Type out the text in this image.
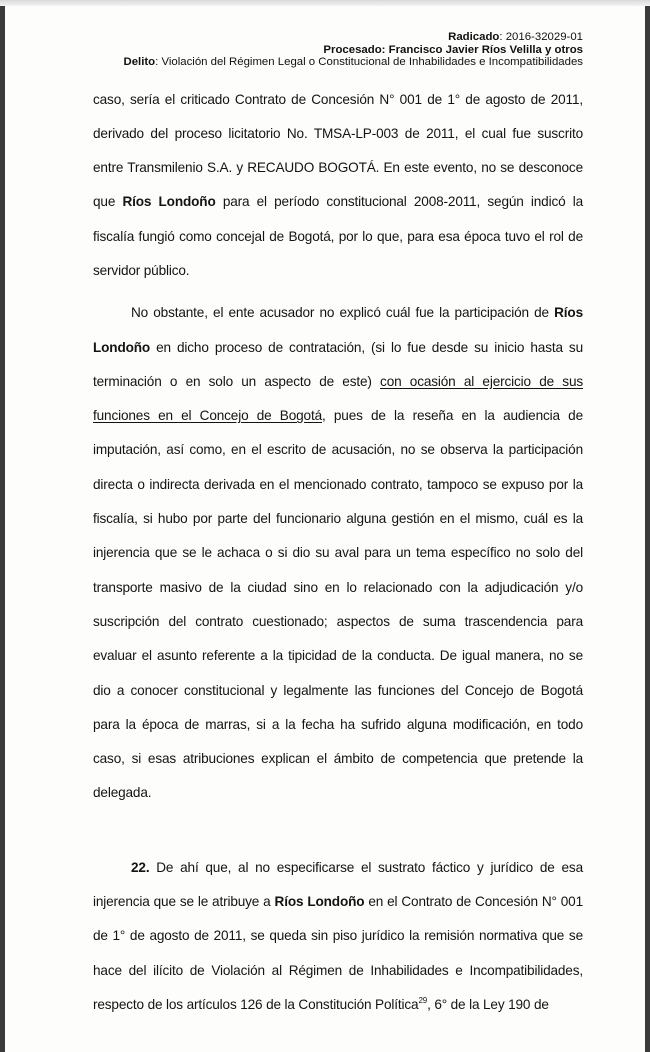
Radicado: 2016-32029-01
Procesado: Francisco Javier Ríos Velilla y otros
Delito: Violación del Régimen Legal o Constitucional de Inhabilidades e Incompatibilidades
caso, sería el criticado Contrato de Concesión N° 001 de 1° de agosto de 2011, derivado del proceso licitatorio No. TMSA-LP-003 de 2011, el cual fue suscrito entre Transmilenio S.A. y RECAUDO BOGOTÁ. En este evento, no se desconoce que Ríos Londoño para el período constitucional 2008-2011, según indicó la fiscalía fungió como concejal de Bogotá, por lo que, para esa época tuvo el rol de servidor público.
No obstante, el ente acusador no explicó cuál fue la participación de Ríos Londoño en dicho proceso de contratación, (si lo fue desde su inicio hasta su terminación o en solo un aspecto de este) con ocasión al ejercicio de sus funciones en el Concejo de Bogotá, pues de la reseña en la audiencia de imputación, así como, en el escrito de acusación, no se observa la participación directa o indirecta derivada en el mencionado contrato, tampoco se expuso por la fiscalía, si hubo por parte del funcionario alguna gestión en el mismo, cuál es la injerencia que se le achaca o si dio su aval para un tema específico no solo del transporte masivo de la ciudad sino en lo relacionado con la adjudicación y/o suscripción del contrato cuestionado; aspectos de suma trascendencia para evaluar el asunto referente a la tipicidad de la conducta. De igual manera, no se dio a conocer constitucional y legalmente las funciones del Concejo de Bogotá para la época de marras, si a la fecha ha sufrido alguna modificación, en todo caso, si esas atribuciones explican el ámbito de competencia que pretende la delegada.
22. De ahí que, al no especificarse el sustrato fáctico y jurídico de esa injerencia que se le atribuye a Ríos Londoño en el Contrato de Concesión N° 001 de 1° de agosto de 2011, se queda sin piso jurídico la remisión normativa que se hace del ilícito de Violación al Régimen de Inhabilidades e Incompatibilidades, respecto de los artículos 126 de la Constitución Política$^{29}$, 6° de la Ley 190 de
